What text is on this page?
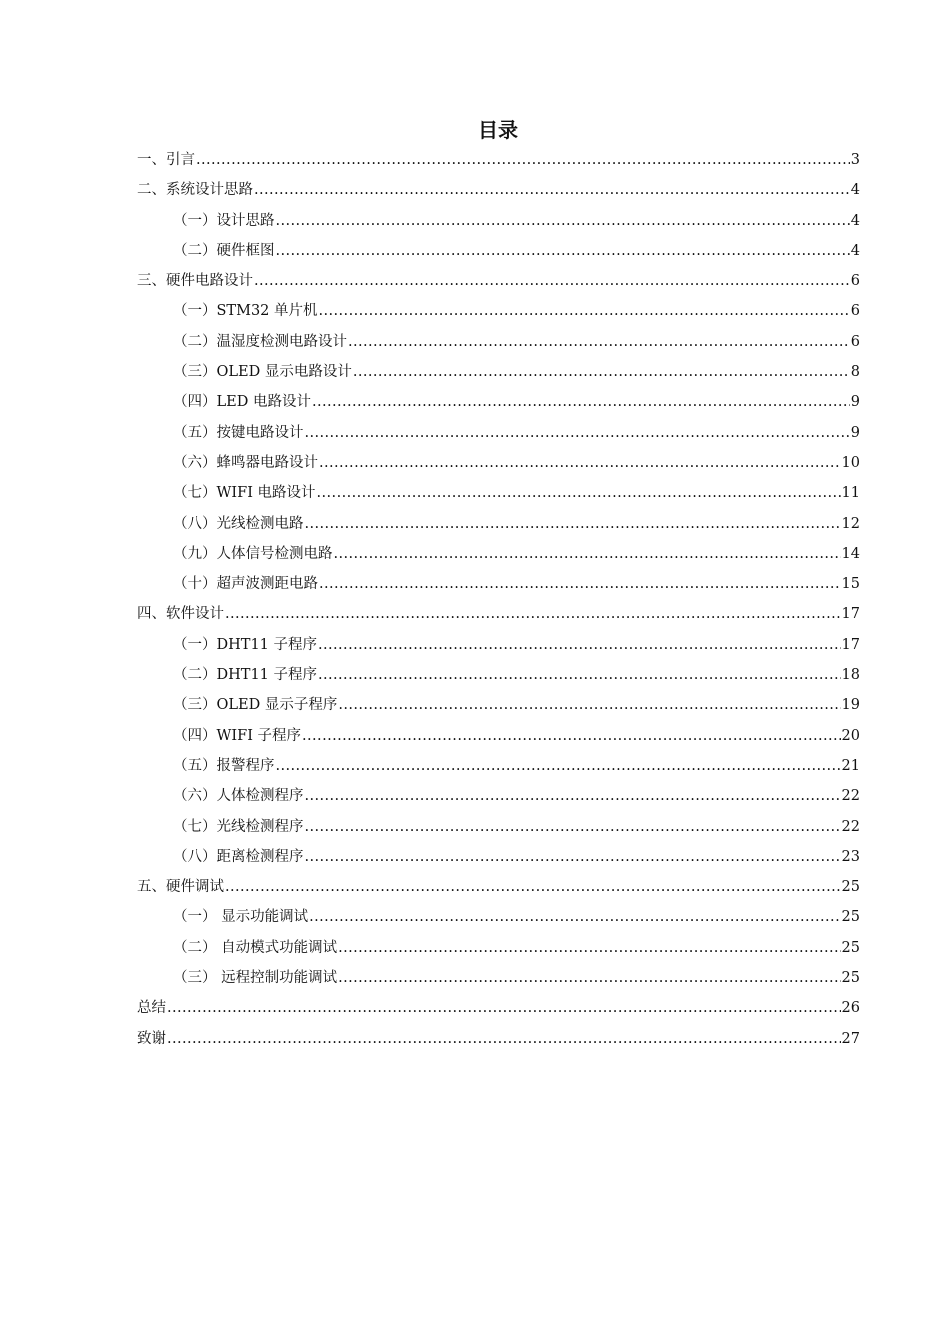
目录
一、引言 .....	3
二、系统设计思路 .....	4
（一）设计思路 .....	4
（二）硬件框图 .....	4
三、硬件电路设计 .....	6
（一）STM32 单片机 .....	6
（二）温湿度检测电路设计 .....	6
（三）OLED 显示电路设计 .....	8
（四）LED 电路设计 .....	9
（五）按键电路设计 .....	9
（六）蜂鸣器电路设计 .....	10
（七）WIFI 电路设计 .....	11
（八）光线检测电路 .....	12
（九）人体信号检测电路 .....	14
（十）超声波测距电路 .....	15
四、软件设计 .....	17
（一）DHT11 子程序 .....	17
（二）DHT11 子程序 .....	18
（三）OLED 显示子程序 .....	19
（四）WIFI 子程序 .....	20
（五）报警程序 .....	21
（六）人体检测程序 .....	22
（七）光线检测程序 .....	22
（八）距离检测程序 .....	23
五、硬件调试 .....	25
（一） 显示功能调试 .....	25
（二） 自动模式功能调试 .....	25
（三） 远程控制功能调试 .....	25
总结 .....	26
致谢 .....	27
